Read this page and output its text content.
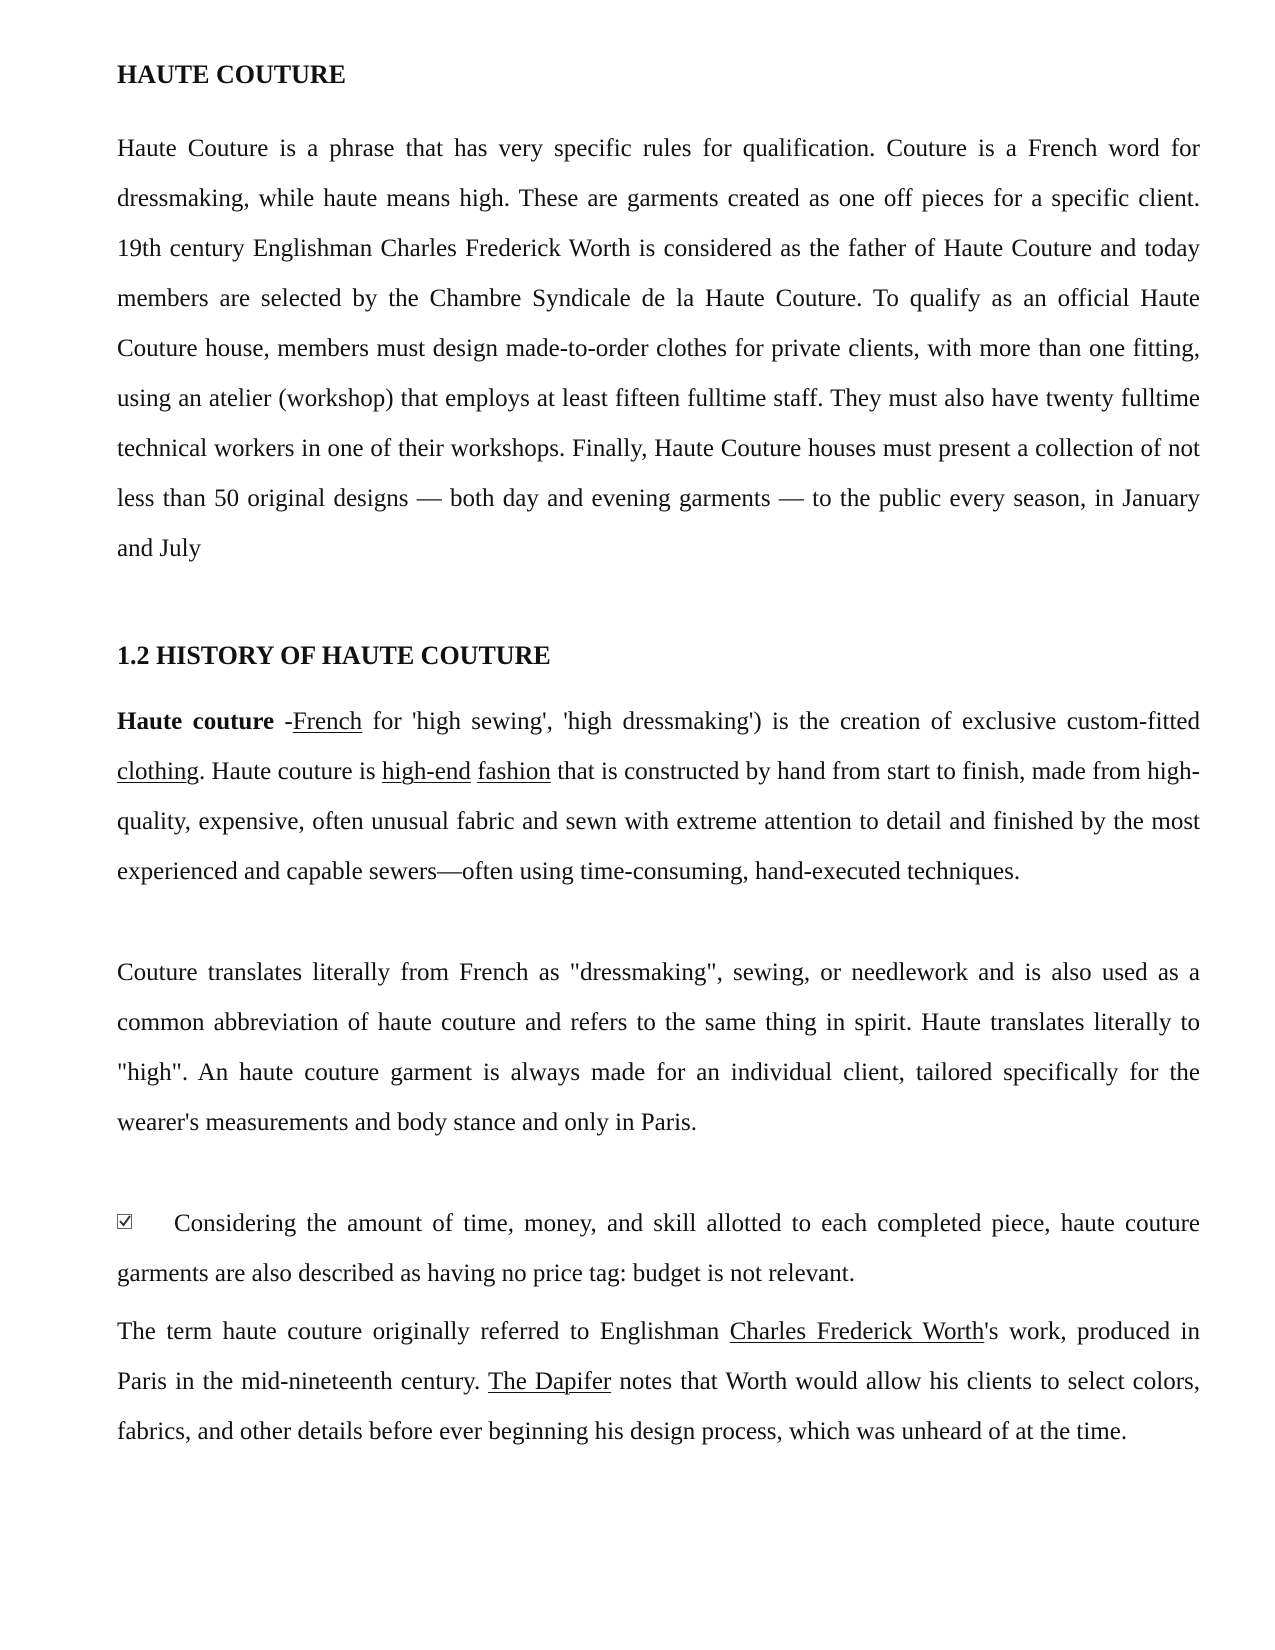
HAUTE COUTURE

Haute Couture is a phrase that has very specific rules for qualification. Couture is a French word for dressmaking, while haute means high. These are garments created as one off pieces for a specific client. 19th century Englishman Charles Frederick Worth is considered as the father of Haute Couture and today members are selected by the Chambre Syndicale de la Haute Couture. To qualify as an official Haute Couture house, members must design made-to-order clothes for private clients, with more than one fitting, using an atelier (workshop) that employs at least fifteen fulltime staff. They must also have twenty fulltime technical workers in one of their workshops. Finally, Haute Couture houses must present a collection of not less than 50 original designs — both day and evening garments — to the public every season, in January and July

1.2 HISTORY OF HAUTE COUTURE

Haute couture -French for 'high sewing', 'high dressmaking') is the creation of exclusive custom-fitted clothing. Haute couture is high-end fashion that is constructed by hand from start to finish, made from high-quality, expensive, often unusual fabric and sewn with extreme attention to detail and finished by the most experienced and capable sewers—often using time-consuming, hand-executed techniques.

Couture translates literally from French as "dressmaking", sewing, or needlework and is also used as a common abbreviation of haute couture and refers to the same thing in spirit. Haute translates literally to "high". An haute couture garment is always made for an individual client, tailored specifically for the wearer's measurements and body stance and only in Paris.

Considering the amount of time, money, and skill allotted to each completed piece, haute couture garments are also described as having no price tag: budget is not relevant.

The term haute couture originally referred to Englishman Charles Frederick Worth's work, produced in Paris in the mid-nineteenth century. The Dapifer notes that Worth would allow his clients to select colors, fabrics, and other details before ever beginning his design process, which was unheard of at the time.
